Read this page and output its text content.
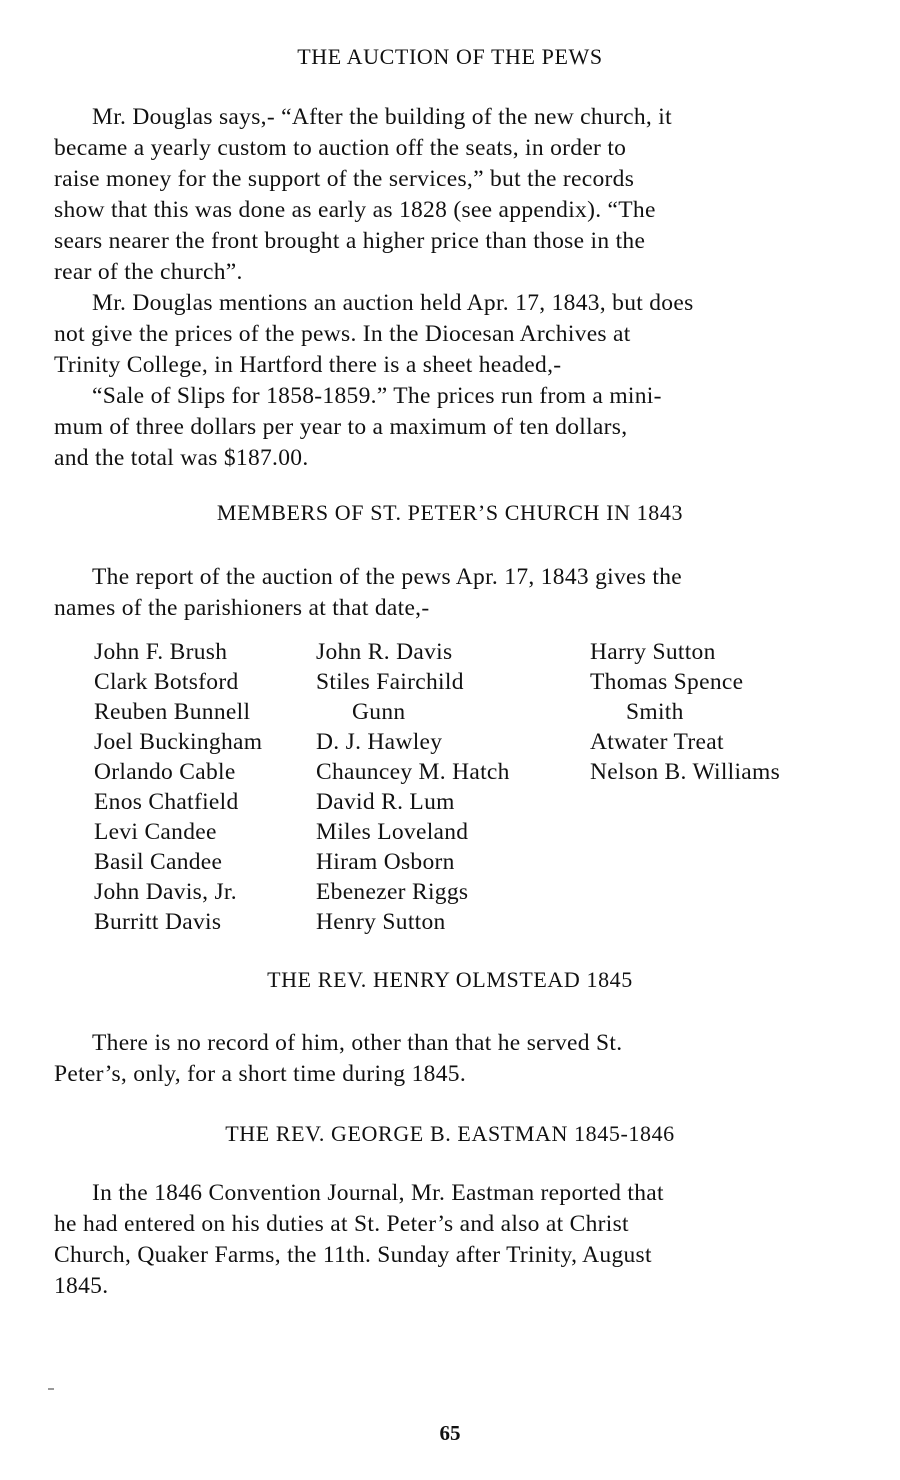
THE AUCTION OF THE PEWS
Mr. Douglas says,- “After the building of the new church, it
became a yearly custom to auction off the seats, in order to
raise money for the support of the services,” but the records
show that this was done as early as 1828 (see appendix). “The
sears nearer the front brought a higher price than those in the
rear of the church”.
Mr. Douglas mentions an auction held Apr. 17, 1843, but does
not give the prices of the pews. In the Diocesan Archives at
Trinity College, in Hartford there is a sheet headed,-
“Sale of Slips for 1858-1859.” The prices run from a mini-
mum of three dollars per year to a maximum of ten dollars,
and the total was $187.00.
MEMBERS OF ST. PETER’S CHURCH IN 1843
The report of the auction of the pews Apr. 17, 1843 gives the
names of the parishioners at that date,-
John F. Brush
Clark Botsford
Reuben Bunnell
Joel Buckingham
Orlando Cable
Enos Chatfield
Levi Candee
Basil Candee
John Davis, Jr.
Burritt Davis
John R. Davis
Stiles Fairchild
Gunn
D. J. Hawley
Chauncey M. Hatch
David R. Lum
Miles Loveland
Hiram Osborn
Ebenezer Riggs
Henry Sutton
Harry Sutton
Thomas Spence
Smith
Atwater Treat
Nelson B. Williams
THE REV. HENRY OLMSTEAD 1845
There is no record of him, other than that he served St.
Peter’s, only, for a short time during 1845.
THE REV. GEORGE B. EASTMAN 1845-1846
In the 1846 Convention Journal, Mr. Eastman reported that
he had entered on his duties at St. Peter’s and also at Christ
Church, Quaker Farms, the 11th. Sunday after Trinity, August
1845.
65
